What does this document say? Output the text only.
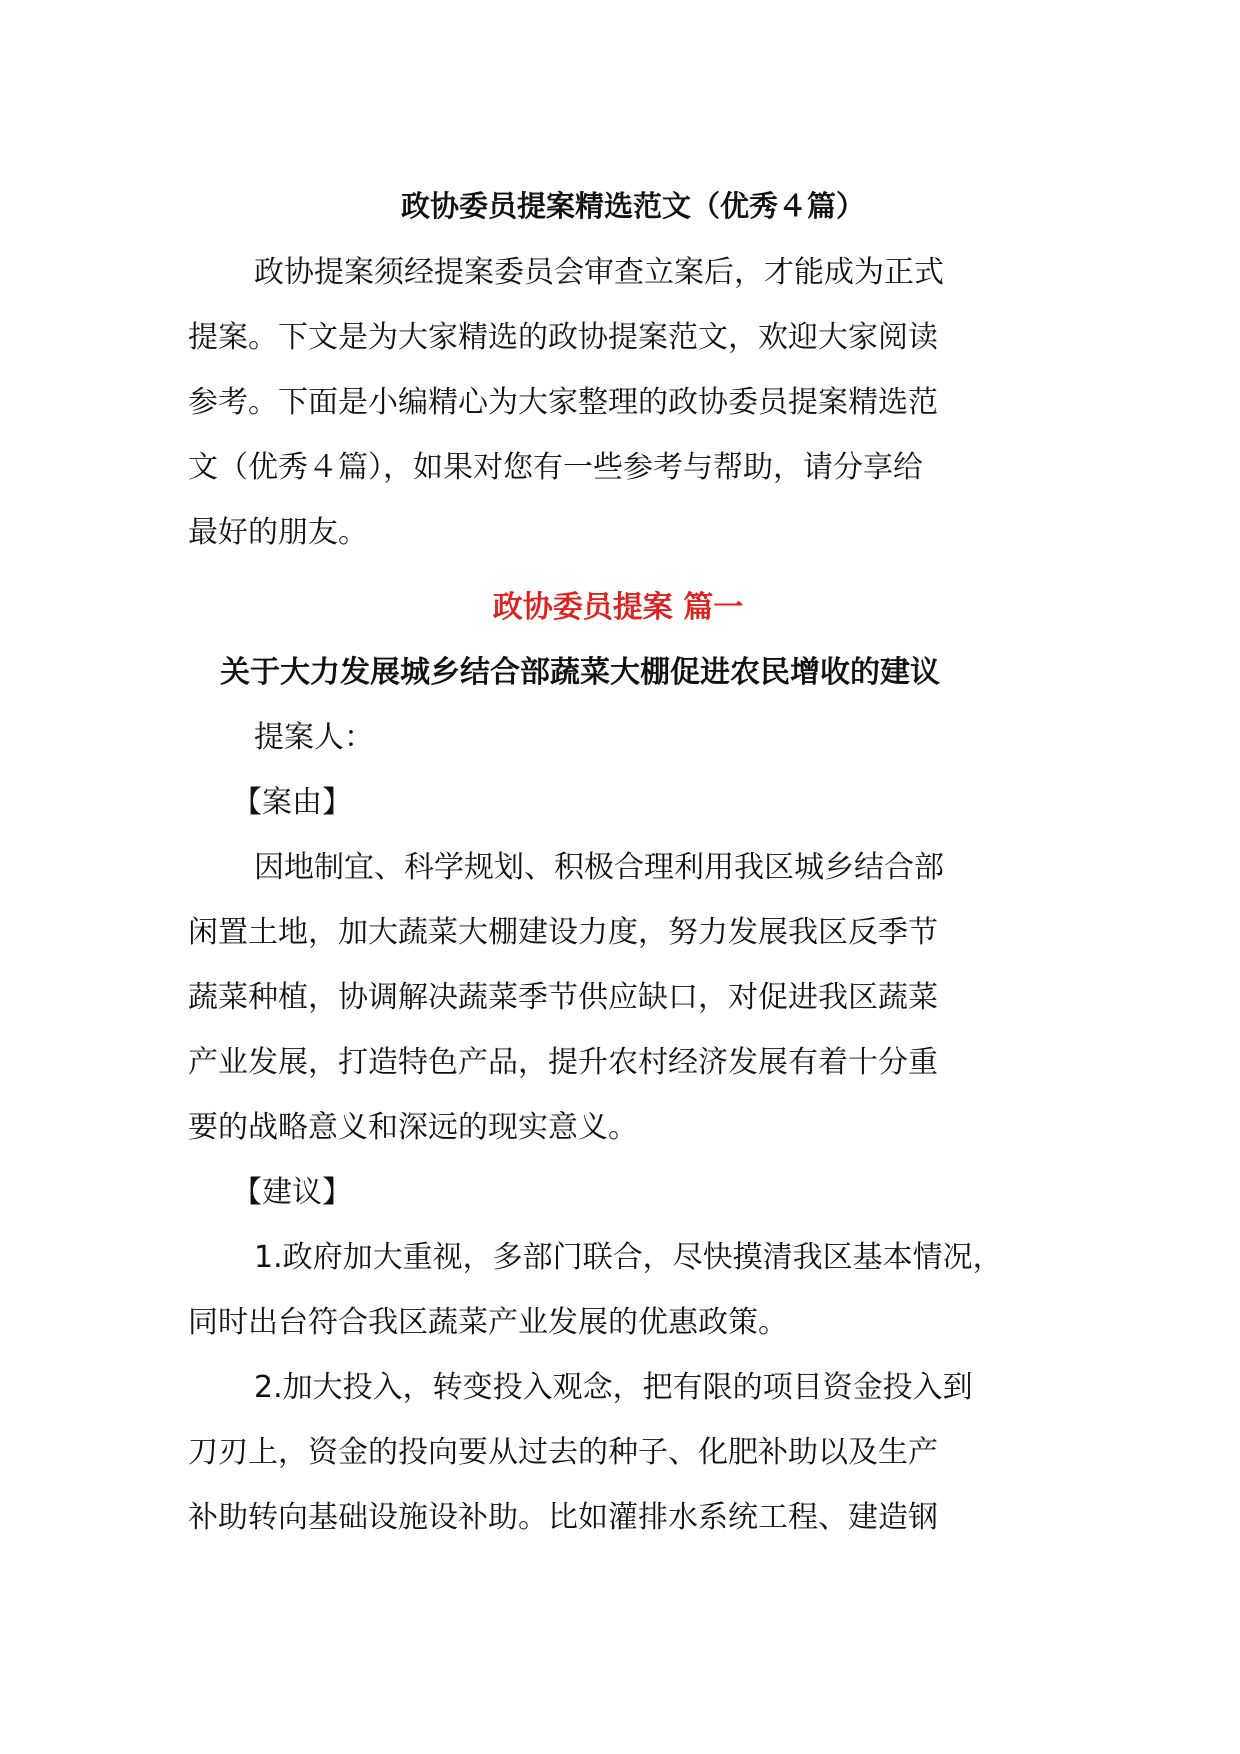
政协委员提案精选范文（优秀４篇）

政协提案须经提案委员会审查立案后，才能成为正式
提案。下文是为大家精选的政协提案范文，欢迎大家阅读
参考。下面是小编精心为大家整理的政协委员提案精选范
文（优秀４篇），如果对您有一些参考与帮助，请分享给
最好的朋友。

政协委员提案 篇一
关于大力发展城乡结合部蔬菜大棚促进农民增收的建议

提案人：

【案由】

因地制宜、科学规划、积极合理利用我区城乡结合部
闲置土地，加大蔬菜大棚建设力度，努力发展我区反季节
蔬菜种植，协调解决蔬菜季节供应缺口，对促进我区蔬菜
产业发展，打造特色产品，提升农村经济发展有着十分重
要的战略意义和深远的现实意义。

【建议】

1.政府加大重视，多部门联合，尽快摸清我区基本情况，
同时出台符合我区蔬菜产业发展的优惠政策。

2.加大投入，转变投入观念，把有限的项目资金投入到
刀刃上，资金的投向要从过去的种子、化肥补助以及生产
补助转向基础设施设补助。比如灌排水系统工程、建造钢
